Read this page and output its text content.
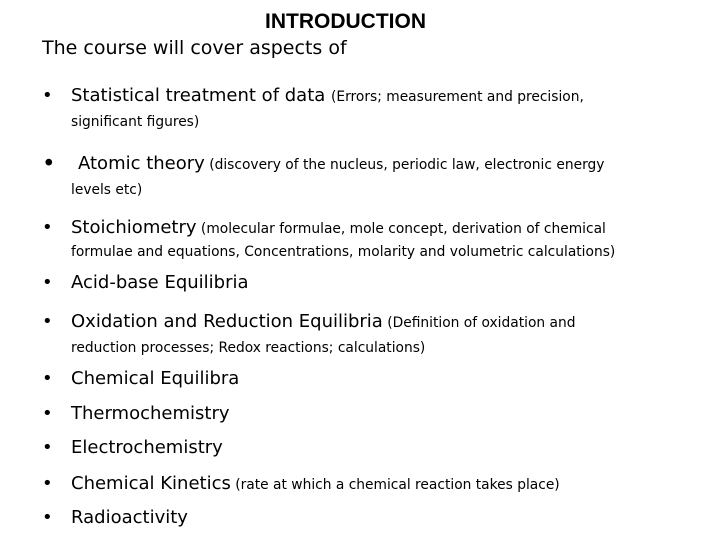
INTRODUCTION
The course will cover aspects of
•	Statistical treatment of data (Errors; measurement and precision,
significant figures)
•	Atomic theory (discovery of the nucleus, periodic law, electronic energy
levels etc)
•	Stoichiometry (molecular formulae, mole concept, derivation of chemical
formulae and equations, Concentrations, molarity and volumetric calculations)
•	Acid-base Equilibria
•	Oxidation and Reduction Equilibria (Definition of oxidation and
reduction processes; Redox reactions; calculations)
•	Chemical Equilibra
•	Thermochemistry
•	Electrochemistry
•	Chemical Kinetics (rate at which a chemical reaction takes place)
•	Radioactivity
